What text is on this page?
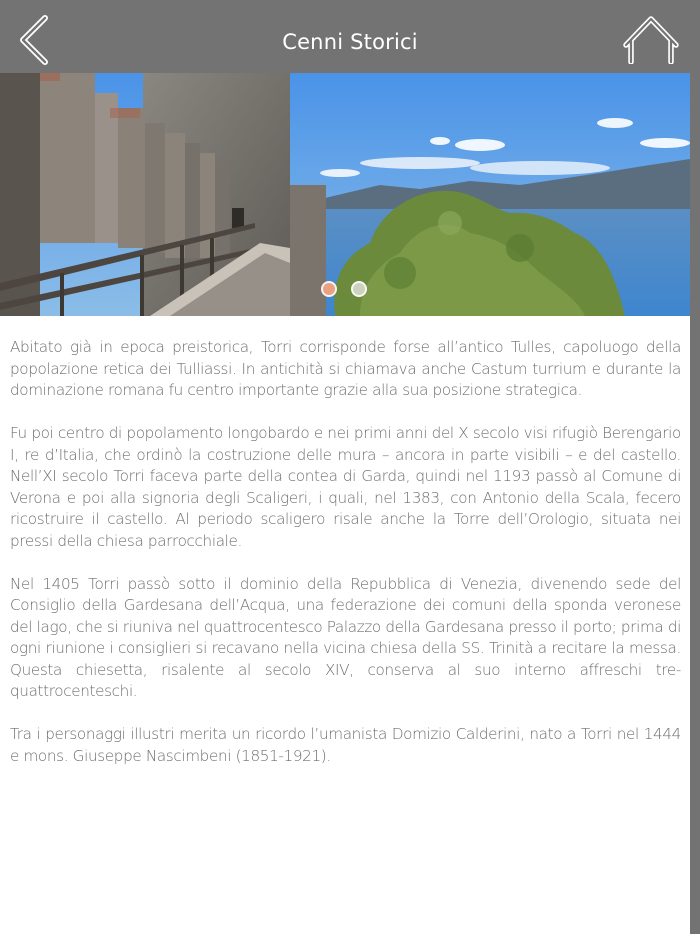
Cenni Storici

Abitato già in epoca preistorica, Torri corrisponde forse all’antico Tulles, capoluogo della popolazione retica dei Tulliassi. In antichità si chiamava anche Castum turrium e durante la dominazione romana fu centro importante grazie alla sua posizione strategica.

Fu poi centro di popolamento longobardo e nei primi anni del X secolo visi rifugiò Berengario I, re d’Italia, che ordinò la costruzione delle mura – ancora in parte visibili – e del castello. Nell’XI secolo Torri faceva parte della contea di Garda, quindi nel 1193 passò al Comune di Verona e poi alla signoria degli Scaligeri, i quali, nel 1383, con Antonio della Scala, fecero ricostruire il castello. Al periodo scaligero risale anche la Torre dell’Orologio, situata nei pressi della chiesa parrocchiale.

Nel 1405 Torri passò sotto il dominio della Repubblica di Venezia, divenendo sede del Consiglio della Gardesana dell’Acqua, una federazione dei comuni della sponda veronese del lago, che si riuniva nel quattrocentesco Palazzo della Gardesana presso il porto; prima di ogni riunione i consiglieri si recavano nella vicina chiesa della SS. Trinità a recitare la messa. Questa chiesetta, risalente al secolo XIV, conserva al suo interno affreschi tre-quattrocenteschi.

Tra i personaggi illustri merita un ricordo l’umanista Domizio Calderini, nato a Torri nel 1444 e mons. Giuseppe Nascimbeni (1851-1921).
